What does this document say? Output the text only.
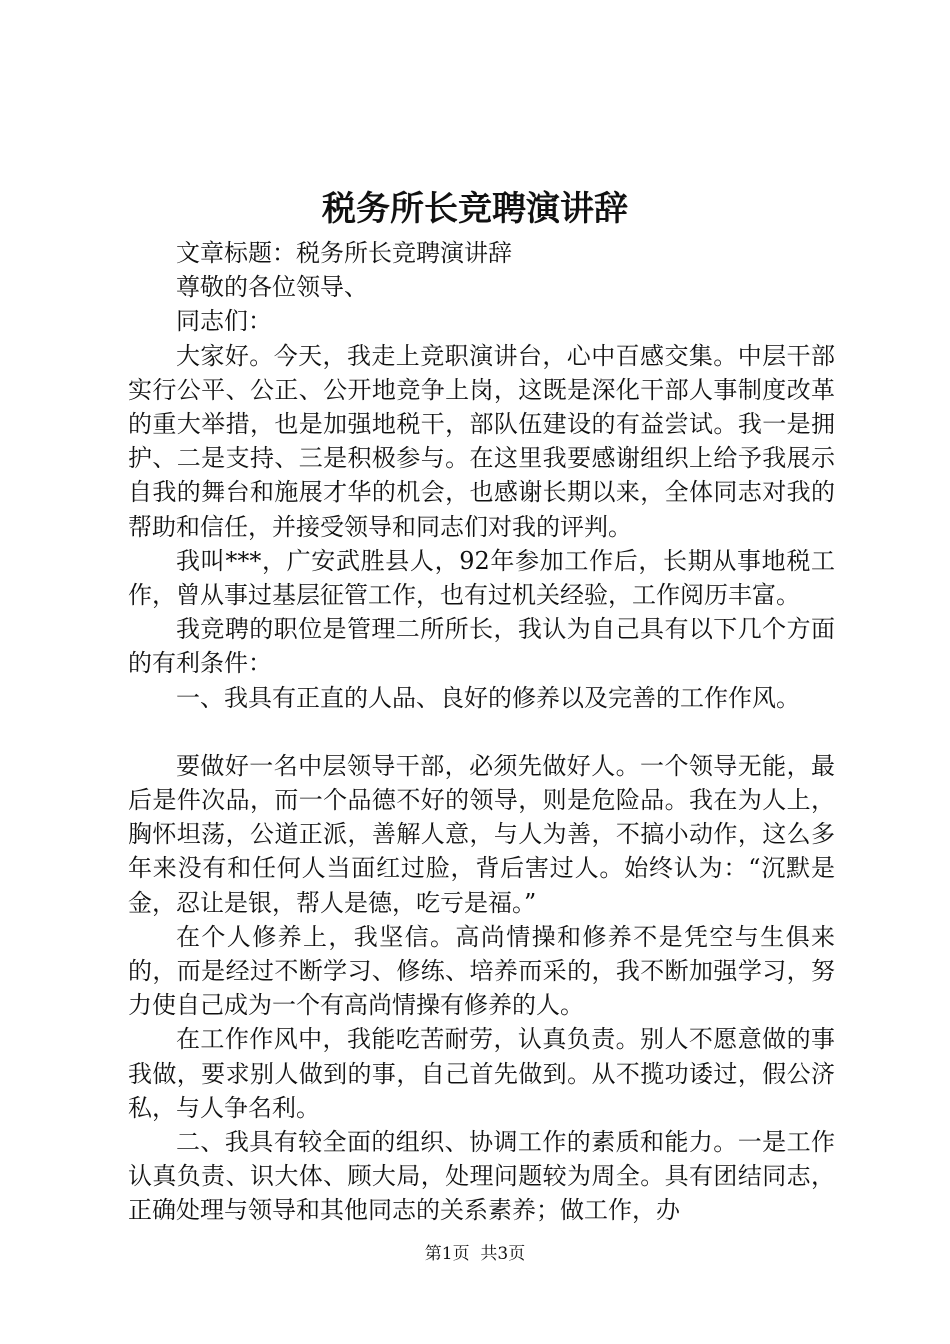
税务所长竞聘演讲辞

文章标题：税务所长竞聘演讲辞

尊敬的各位领导、

同志们：

大家好。今天，我走上竞职演讲台，心中百感交集。中层干部实行公平、公正、公开地竞争上岗，这既是深化干部人事制度改革的重大举措，也是加强地税干，部队伍建设的有益尝试。我一是拥护、二是支持、三是积极参与。在这里我要感谢组织上给予我展示自我的舞台和施展才华的机会，也感谢长期以来，全体同志对我的帮助和信任，并接受领导和同志们对我的评判。

我叫***，广安武胜县人，92年参加工作后，长期从事地税工作，曾从事过基层征管工作，也有过机关经验，工作阅历丰富。

我竞聘的职位是管理二所所长，我认为自己具有以下几个方面的有利条件：

一、我具有正直的人品、良好的修养以及完善的工作作风。

要做好一名中层领导干部，必须先做好人。一个领导无能，最后是件次品，而一个品德不好的领导，则是危险品。我在为人上，胸怀坦荡，公道正派，善解人意，与人为善，不搞小动作，这么多年来没有和任何人当面红过脸，背后害过人。始终认为：“沉默是金，忍让是银，帮人是德，吃亏是福。”

在个人修养上，我坚信。高尚情操和修养不是凭空与生俱来的，而是经过不断学习、修练、培养而采的，我不断加强学习，努力使自己成为一个有高尚情操有修养的人。

在工作作风中，我能吃苦耐劳，认真负责。别人不愿意做的事我做，要求别人做到的事，自己首先做到。从不揽功诿过，假公济私，与人争名利。

二、我具有较全面的组织、协调工作的素质和能力。一是工作认真负责、识大体、顾大局，处理问题较为周全。具有团结同志，正确处理与领导和其他同志的关系素养；做工作，办

第1页 共3页
